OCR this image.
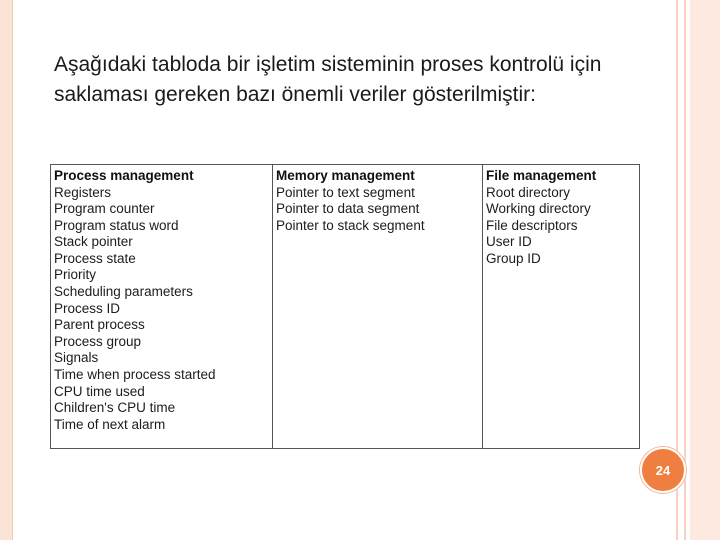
Aşağıdaki tabloda bir işletim sisteminin proses kontrolü için saklaması gereken bazı önemli veriler gösterilmiştir:

Process management
Registers
Program counter
Program status word
Stack pointer
Process state
Priority
Scheduling parameters
Process ID
Parent process
Process group
Signals
Time when process started
CPU time used
Children's CPU time
Time of next alarm
Memory management
Pointer to text segment
Pointer to data segment
Pointer to stack segment
File management
Root directory
Working directory
File descriptors
User ID
Group ID
24
